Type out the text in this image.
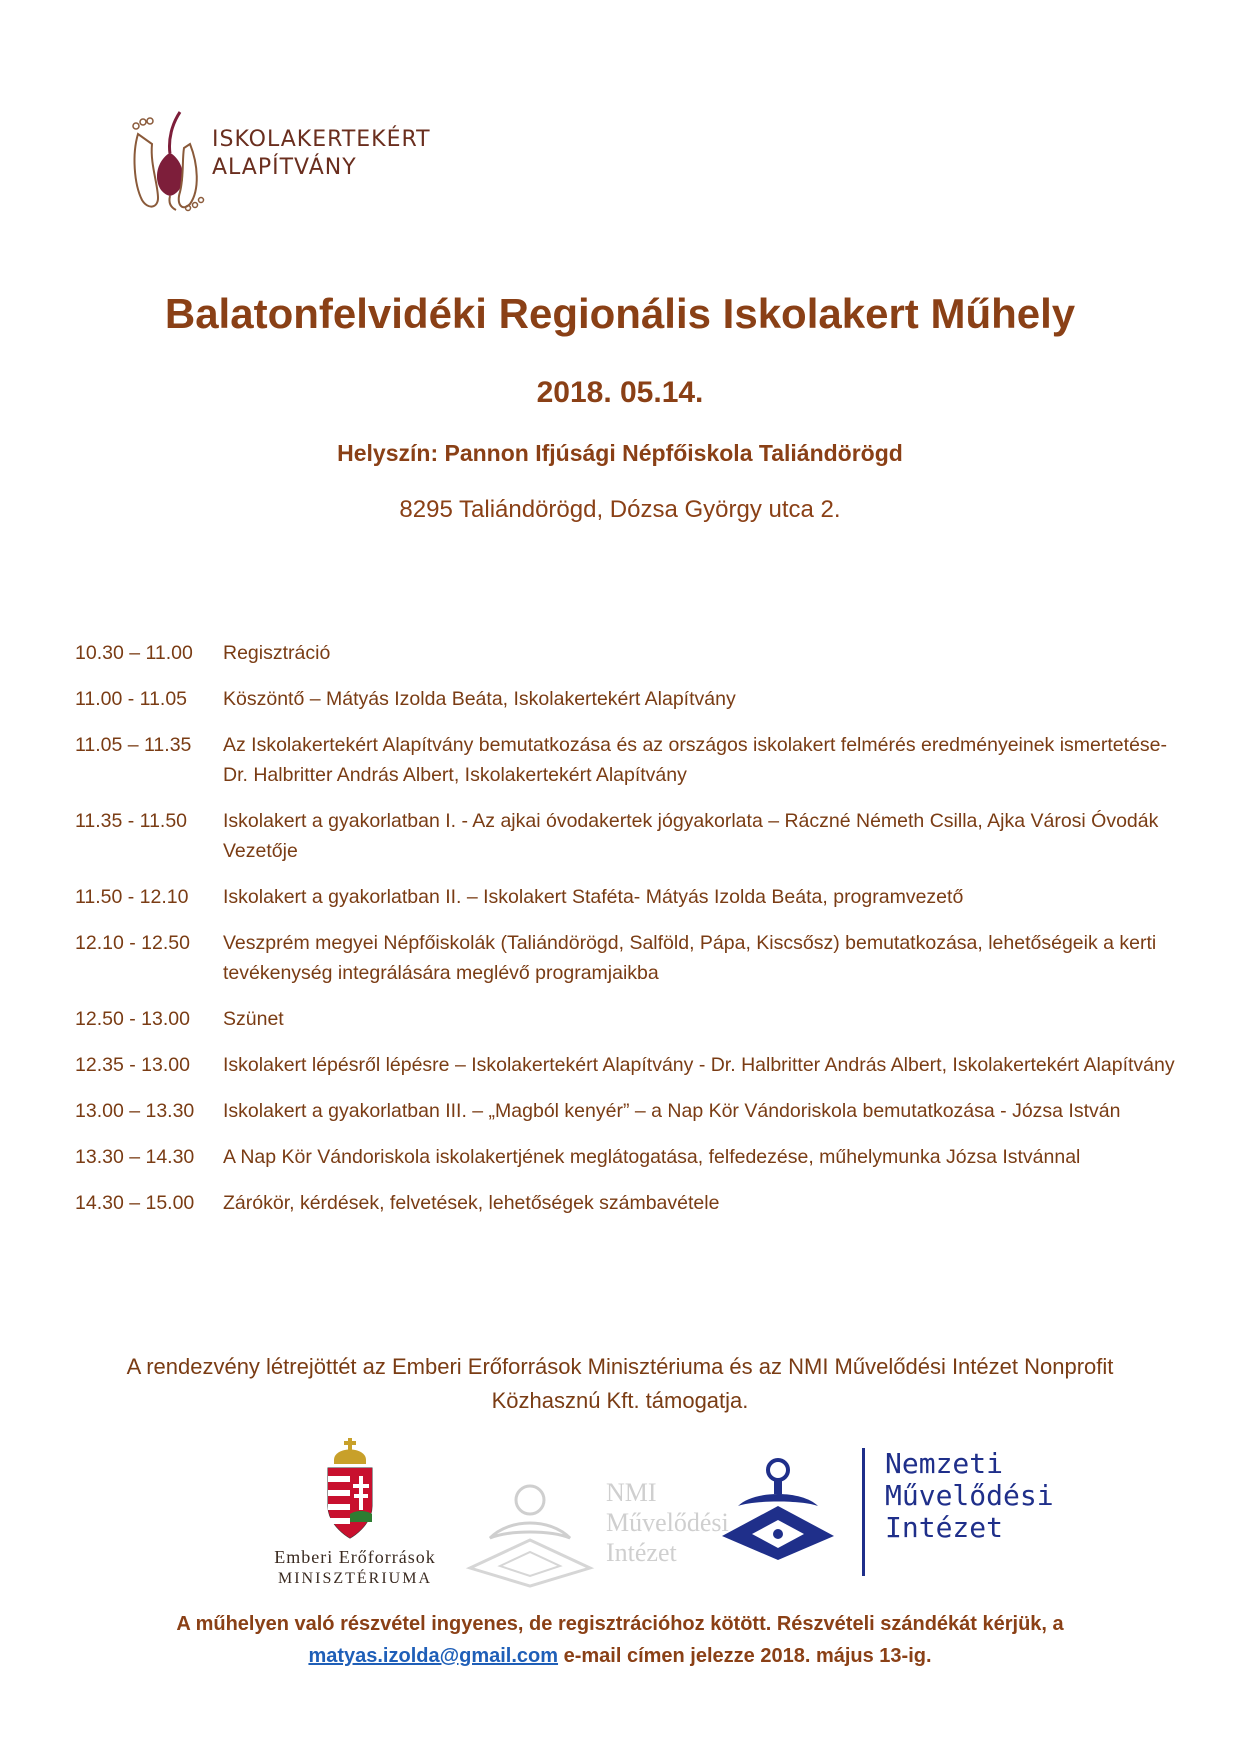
ISKOLAKERTEKÉRT
ALAPÍTVÁNY
Balatonfelvidéki Regionális Iskolakert Műhely
2018. 05.14.
Helyszín: Pannon Ifjúsági Népfőiskola Taliándörögd
8295 Taliándörögd, Dózsa György utca 2.
10.30 – 11.00	Regisztráció
11.00 - 11.05	Köszöntő – Mátyás Izolda Beáta, Iskolakertekért Alapítvány
11.05 – 11.35	Az Iskolakertekért Alapítvány bemutatkozása és az országos iskolakert felmérés eredményeinek ismertetése- Dr. Halbritter András Albert, Iskolakertekért Alapítvány
11.35 - 11.50	Iskolakert a gyakorlatban I. - Az ajkai óvodakertek jógyakorlata – Ráczné Németh Csilla, Ajka Városi Óvodák Vezetője
11.50 - 12.10	Iskolakert a gyakorlatban II. – Iskolakert Staféta- Mátyás Izolda Beáta, programvezető
12.10 - 12.50	Veszprém megyei Népfőiskolák (Taliándörögd, Salföld, Pápa, Kiscsősz) bemutatkozása, lehetőségeik a kerti tevékenység integrálására meglévő programjaikba
12.50 - 13.00	Szünet
12.35 - 13.00	Iskolakert lépésről lépésre – Iskolakertekért Alapítvány - Dr. Halbritter András Albert, Iskolakertekért Alapítvány
13.00 – 13.30	Iskolakert a gyakorlatban III. – „Magból kenyér” – a Nap Kör Vándoriskola bemutatkozása - Józsa István
13.30 – 14.30	A Nap Kör Vándoriskola iskolakertjének meglátogatása, felfedezése, műhelymunka Józsa Istvánnal
14.30 – 15.00	Zárókör, kérdések, felvetések, lehetőségek számbavétele
A rendezvény létrejöttét az Emberi Erőforrások Minisztériuma és az NMI Művelődési Intézet Nonprofit
Közhasznú Kft. támogatja.
Emberi Erőforrások
MINISZTÉRIUMA
NMI
Művelődési
Intézet
Nemzeti
Művelődési
Intézet
A műhelyen való részvétel ingyenes, de regisztrációhoz kötött. Részvételi szándékát kérjük, a
matyas.izolda@gmail.com e-mail címen jelezze 2018. május 13-ig.
